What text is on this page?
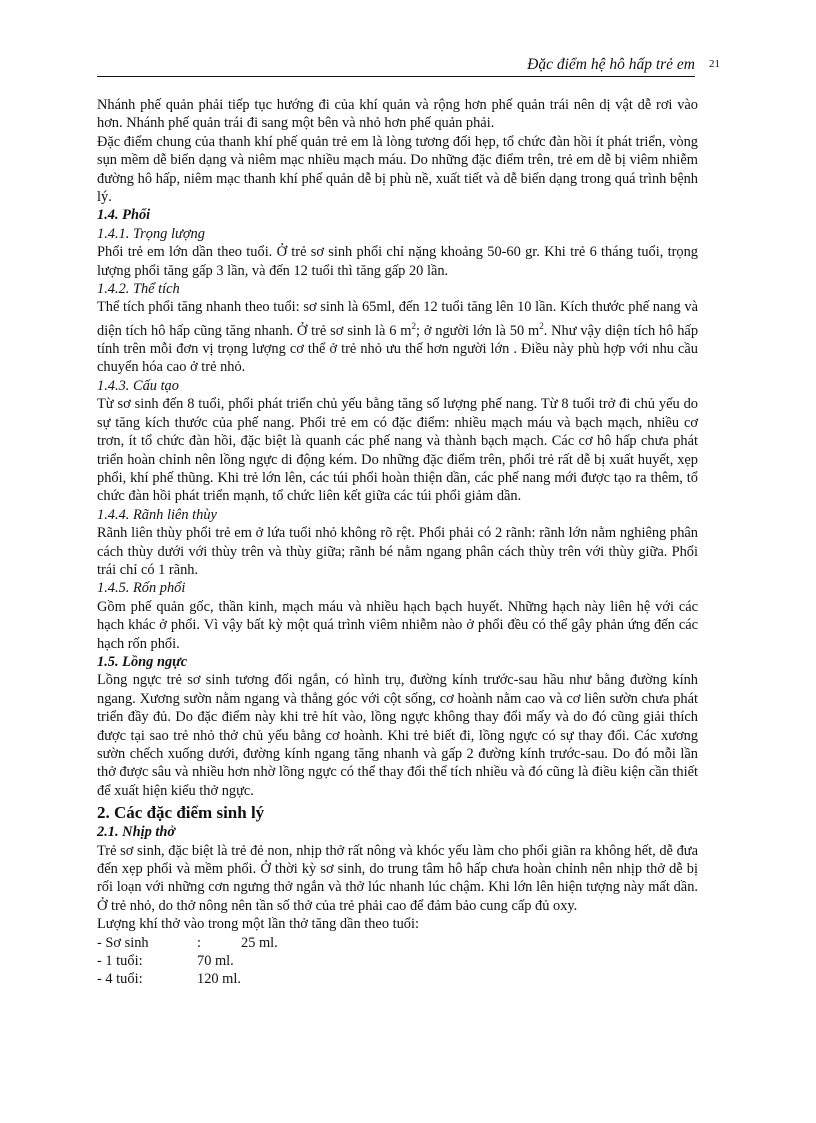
Đặc điểm hệ hô hấp trẻ em 21

Nhánh phế quản phải tiếp tục hướng đi của khí quản và rộng hơn phế quản trái nên dị vật dễ rơi vào hơn. Nhánh phế quản trái đi sang một bên và nhỏ hơn phế quản phải.

Đặc điểm chung của thanh khí phế quản trẻ em là lòng tương đối hẹp, tổ chức đàn hồi ít phát triển, vòng sụn mềm dễ biến dạng và niêm mạc nhiều mạch máu. Do những đặc điểm trên, trẻ em dễ bị viêm nhiễm đường hô hấp, niêm mạc thanh khí phế quản dễ bị phù nề, xuất tiết và dễ biến dạng trong quá trình bệnh lý.

1.4. Phổi

1.4.1. Trọng lượng

Phổi trẻ em lớn dần theo tuổi. Ở trẻ sơ sinh phổi chỉ nặng khoảng 50-60 gr. Khi trẻ 6 tháng tuổi, trọng lượng phổi tăng gấp 3 lần, và đến 12 tuổi thì tăng gấp 20 lần.

1.4.2. Thể tích

Thể tích phổi tăng nhanh theo tuổi: sơ sinh là 65ml, đến 12 tuổi tăng lên 10 lần. Kích thước phế nang và diện tích hô hấp cũng tăng nhanh. Ở trẻ sơ sinh là 6 $m^2$; ở người lớn là 50 $m^2$. Như vậy diện tích hô hấp tính trên mỗi đơn vị trọng lượng cơ thể ở trẻ nhỏ ưu thế hơn người lớn . Điều này phù hợp với nhu cầu chuyển hóa cao ở trẻ nhỏ.

1.4.3. Cấu tạo

Từ sơ sinh đến 8 tuổi, phổi phát triển chủ yếu bằng tăng số lượng phế nang. Từ 8 tuổi trở đi chủ yếu do sự tăng kích thước của phế nang. Phổi trẻ em có đặc điểm: nhiều mạch máu và bạch mạch, nhiều cơ trơn, ít tổ chức đàn hồi, đặc biệt là quanh các phế nang và thành bạch mạch. Các cơ hô hấp chưa phát triển hoàn chỉnh nên lồng ngực di động kém. Do những đặc điểm trên, phổi trẻ rất dễ bị xuất huyết, xẹp phổi, khí phế thũng. Khi trẻ lớn lên, các túi phổi hoàn thiện dần, các phế nang mới được tạo ra thêm, tổ chức đàn hồi phát triển mạnh, tổ chức liên kết giữa các túi phổi giảm dần.

1.4.4. Rãnh liên thùy

Rãnh liên thùy phổi trẻ em ở lứa tuổi nhỏ không rõ rệt. Phổi phải có 2 rãnh: rãnh lớn nằm nghiêng phân cách thùy dưới với thùy trên và thùy giữa; rãnh bé nằm ngang phân cách thùy trên với thùy giữa. Phổi trái chỉ có 1 rãnh.

1.4.5. Rốn phổi

Gồm phế quản gốc, thần kinh, mạch máu và nhiều hạch bạch huyết. Những hạch này liên hệ với các hạch khác ở phổi. Vì vậy bất kỳ một quá trình viêm nhiễm nào ở phổi đều có thể gây phản ứng đến các hạch rốn phổi.

1.5. Lồng ngực

Lồng ngực trẻ sơ sinh tương đối ngắn, có hình trụ, đường kính trước-sau hầu như bằng đường kính ngang. Xương sườn nằm ngang và thẳng góc với cột sống, cơ hoành nằm cao và cơ liên sườn chưa phát triển đầy đủ. Do đặc điểm này khi trẻ hít vào, lồng ngực không thay đổi mấy và do đó cũng giải thích được tại sao trẻ nhỏ thở chủ yếu bằng cơ hoành. Khi trẻ biết đi, lồng ngực có sự thay đổi. Các xương sườn chếch xuống dưới, đường kính ngang tăng nhanh và gấp 2 đường kính trước-sau. Do đó mỗi lần thở được sâu và nhiều hơn nhờ lồng ngực có thể thay đổi thể tích nhiều và đó cũng là điều kiện cần thiết để xuất hiện kiểu thở ngực.

2. Các đặc điểm sinh lý

2.1. Nhịp thở

Trẻ sơ sinh, đặc biệt là trẻ đẻ non, nhịp thở rất nông và khóc yếu làm cho phổi giãn ra không hết, dễ đưa đến xẹp phổi và mềm phổi. Ở thời kỳ sơ sinh, do trung tâm hô hấp chưa hoàn chỉnh nên nhịp thở dễ bị rối loạn với những cơn ngưng thở ngắn và thở lúc nhanh lúc chậm. Khi lớn lên hiện tượng này mất dần. Ở trẻ nhỏ, do thở nông nên tần số thở của trẻ phải cao để đảm bảo cung cấp đủ oxy.

Lượng khí thở vào trong một lần thở tăng dần theo tuổi:

- Sơ sinh	:	25 ml.
- 1 tuổi:	70 ml.
- 4 tuổi:	120 ml.
